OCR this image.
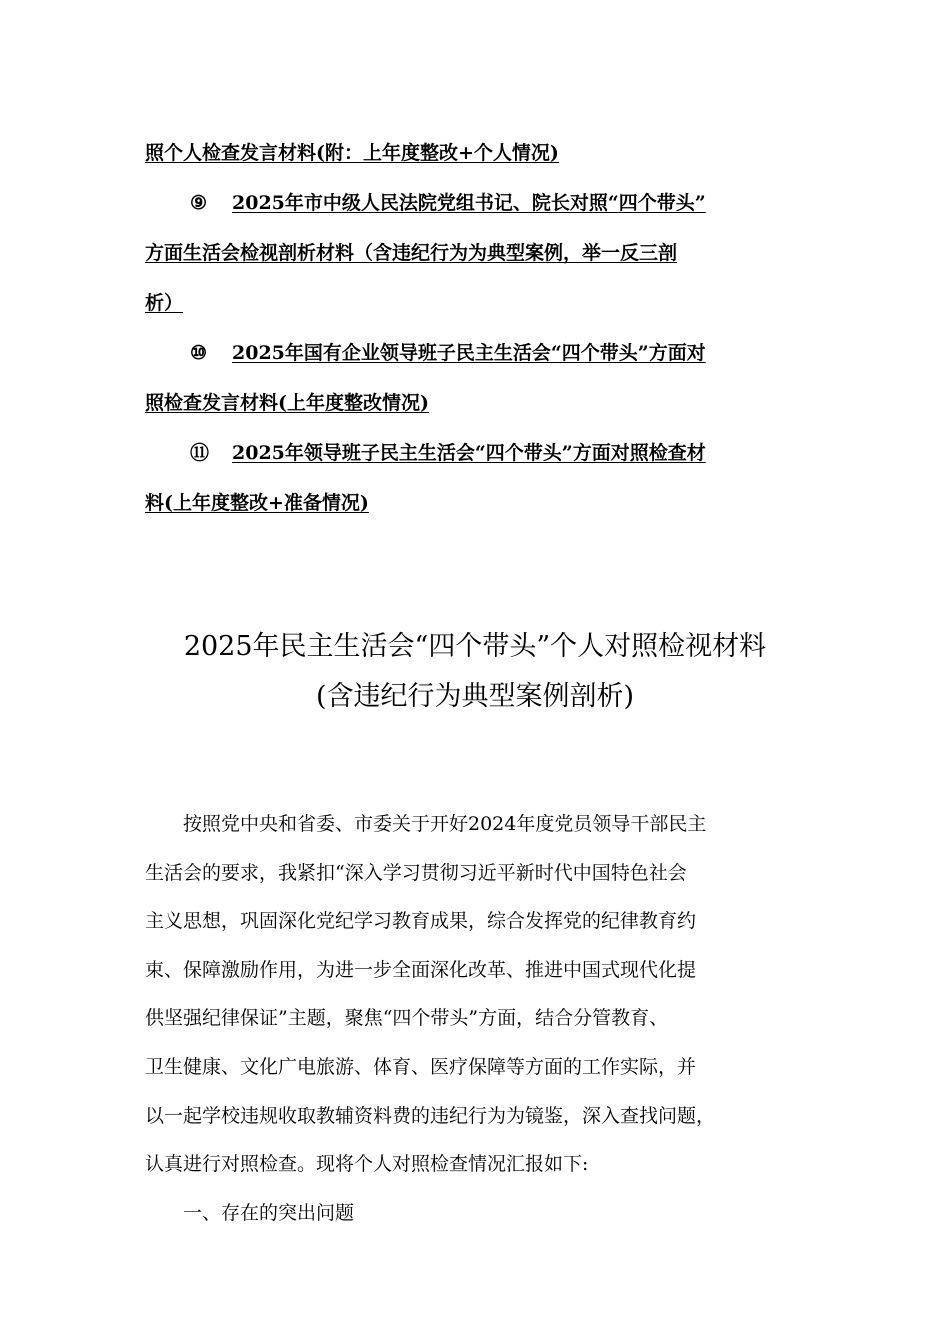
照个人检查发言材料(附：上年度整改+个人情况)
⑨ 2025年市中级人民法院党组书记、院长对照“四个带头”
方面生活会检视剖析材料（含违纪行为为典型案例，举一反三剖
析）
⑩ 2025年国有企业领导班子民主生活会“四个带头”方面对
照检查发言材料(上年度整改情况)
⑪ 2025年领导班子民主生活会“四个带头”方面对照检查材
料(上年度整改+准备情况)
2025年民主生活会“四个带头”个人对照检视材料
(含违纪行为典型案例剖析)
按照党中央和省委、市委关于开好2024年度党员领导干部民主
生活会的要求，我紧扣“深入学习贯彻习近平新时代中国特色社会
主义思想，巩固深化党纪学习教育成果，综合发挥党的纪律教育约
束、保障激励作用，为进一步全面深化改革、推进中国式现代化提
供坚强纪律保证”主题，聚焦“四个带头”方面，结合分管教育、
卫生健康、文化广电旅游、体育、医疗保障等方面的工作实际，并
以一起学校违规收取教辅资料费的违纪行为为镜鉴，深入查找问题，
认真进行对照检查。现将个人对照检查情况汇报如下:
一、存在的突出问题
